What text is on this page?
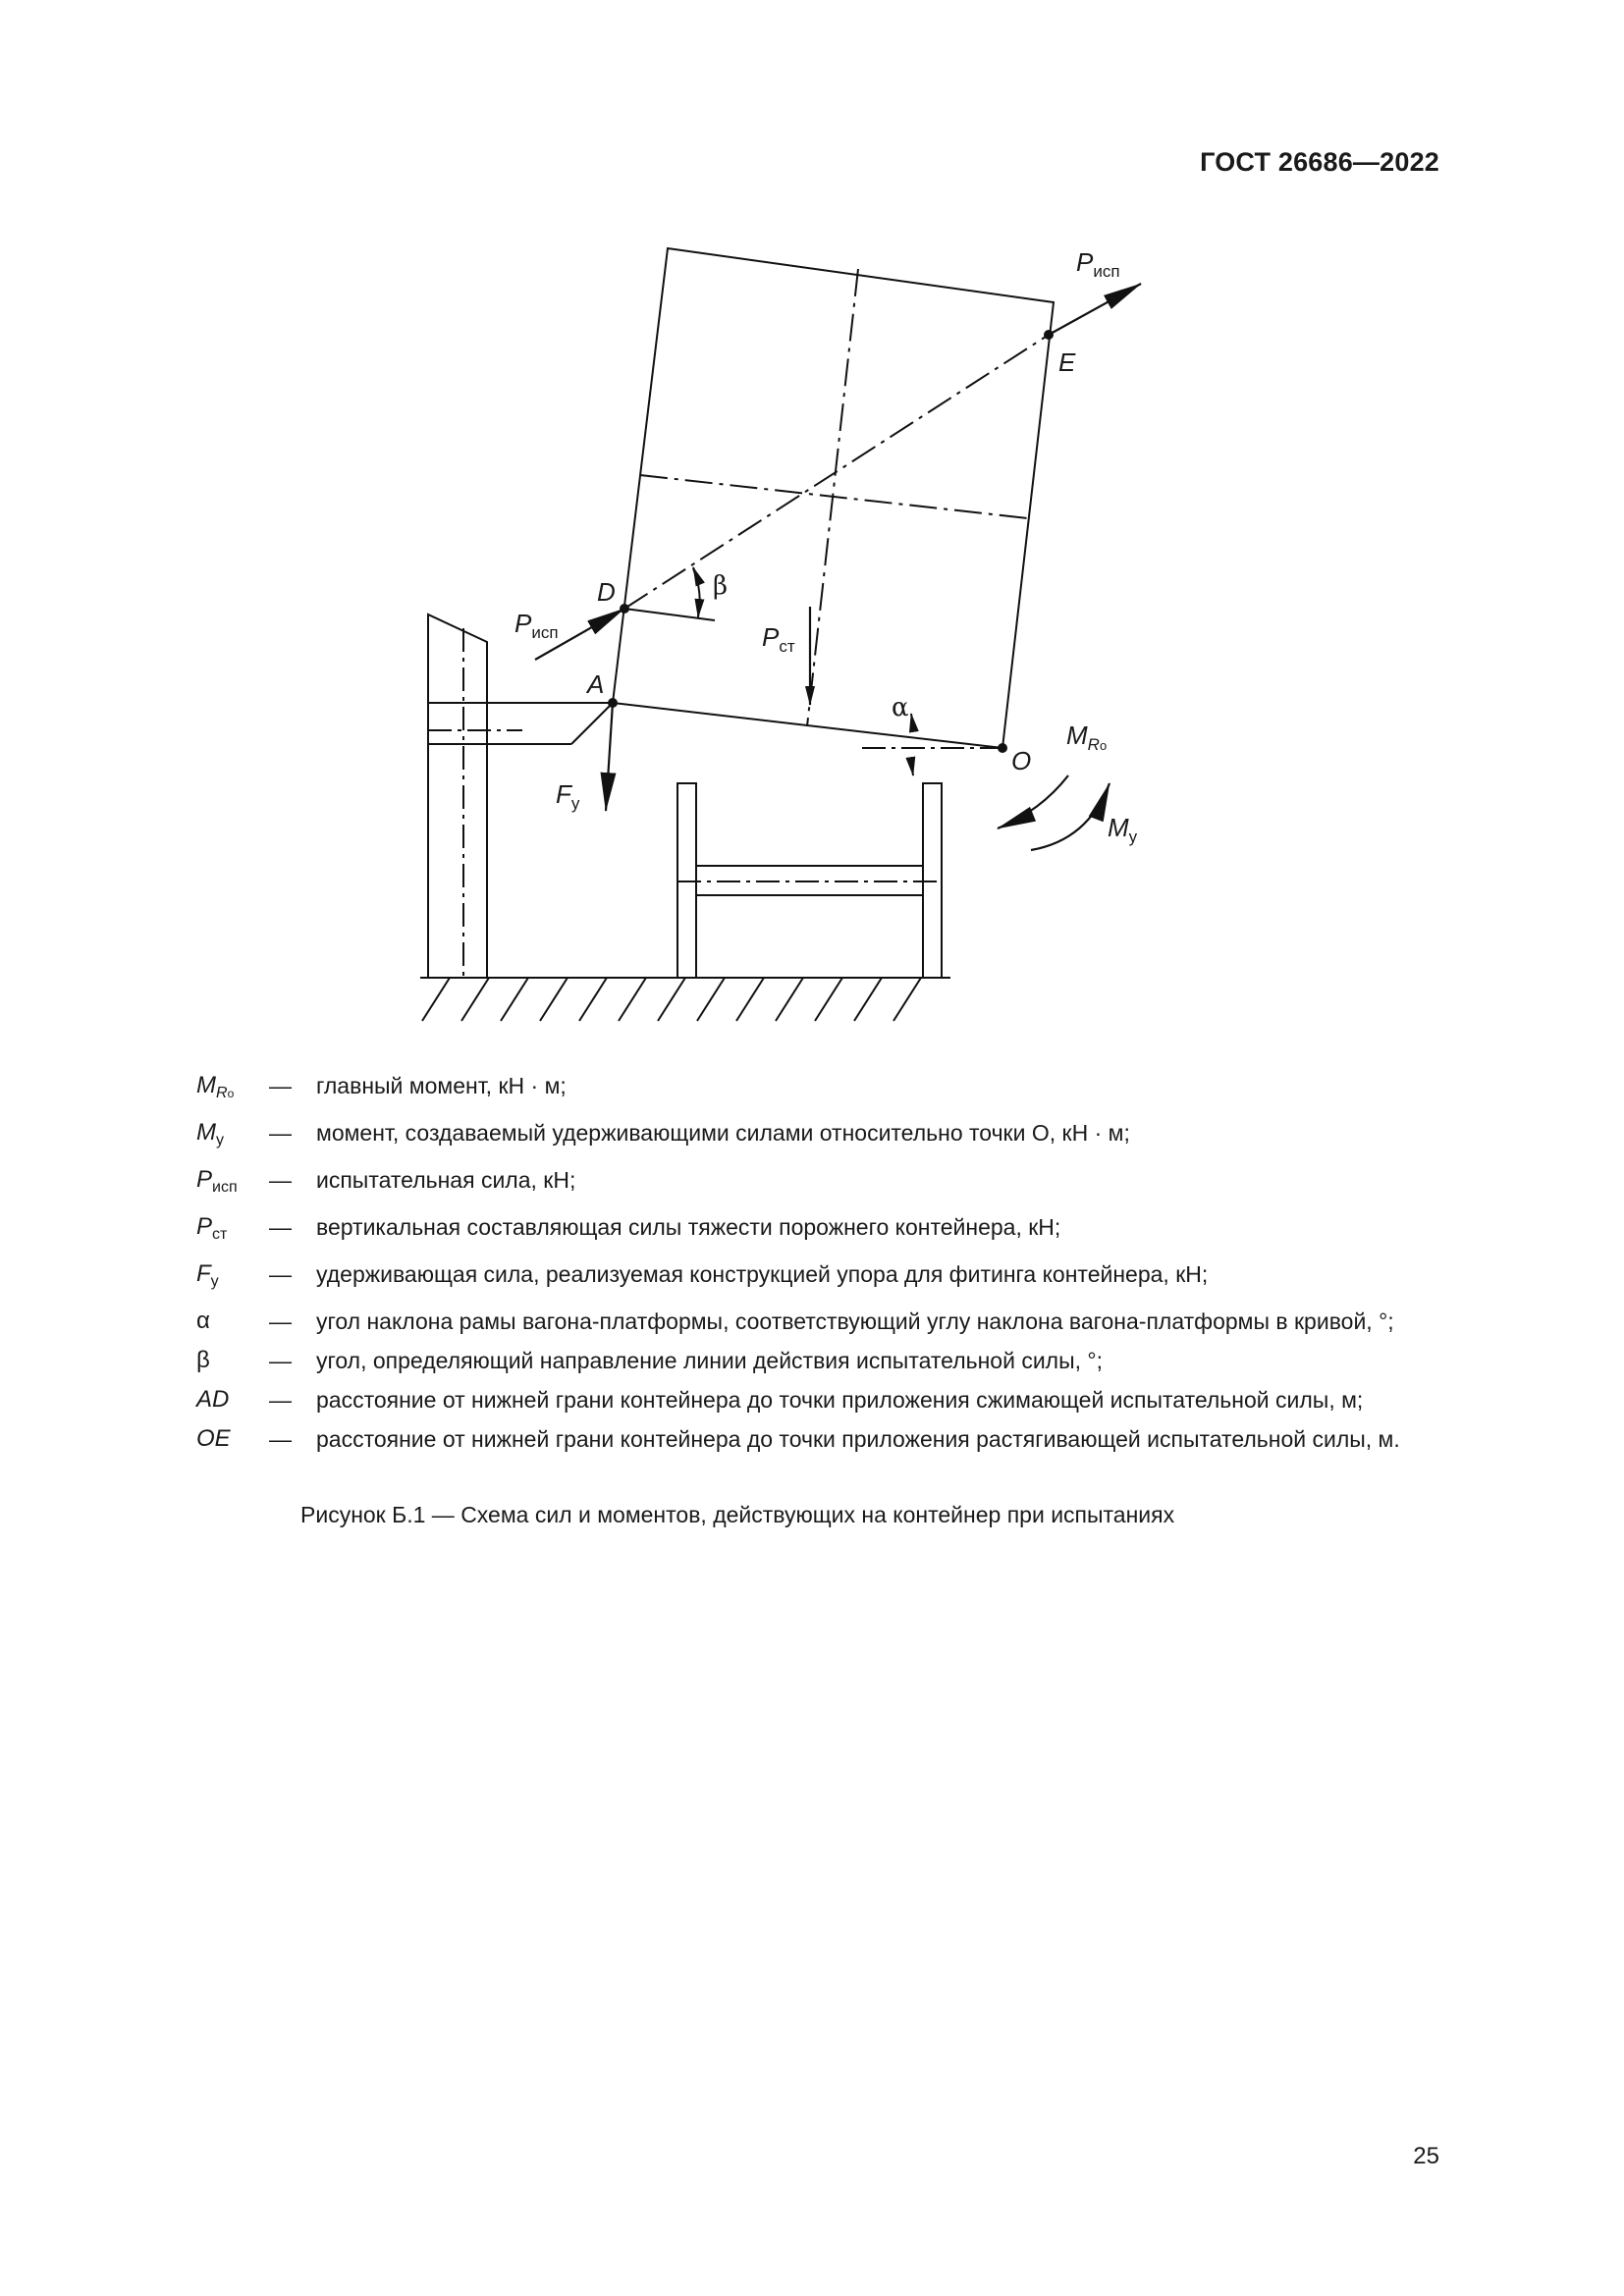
ГОСТ 26686—2022
$P_{исп}$
E
D	β
$P_{исп}$	$P_{ст}$
A
α
O
$M_{Rо}$
$M_у$
$F_у$
$M_{Rо}$	—	главный момент, кН · м;
$M_у$	—	момент, создаваемый удерживающими силами относительно точки О, кН · м;
$P_{исп}$	—	испытательная сила, кН;
$P_{ст}$	—	вертикальная составляющая силы тяжести порожнего контейнера, кН;
$F_у$	—	удерживающая сила, реализуемая конструкцией упора для фитинга контейнера, кН;
α	—	угол наклона рамы вагона-платформы, соответствующий углу наклона вагона-платформы в кривой, °;
β	—	угол, определяющий направление линии действия испытательной силы, °;
AD	—	расстояние от нижней грани контейнера до точки приложения сжимающей испытательной силы, м;
OE	—	расстояние от нижней грани контейнера до точки приложения растягивающей испытательной силы, м.
Рисунок Б.1 — Схема сил и моментов, действующих на контейнер при испытаниях
25
